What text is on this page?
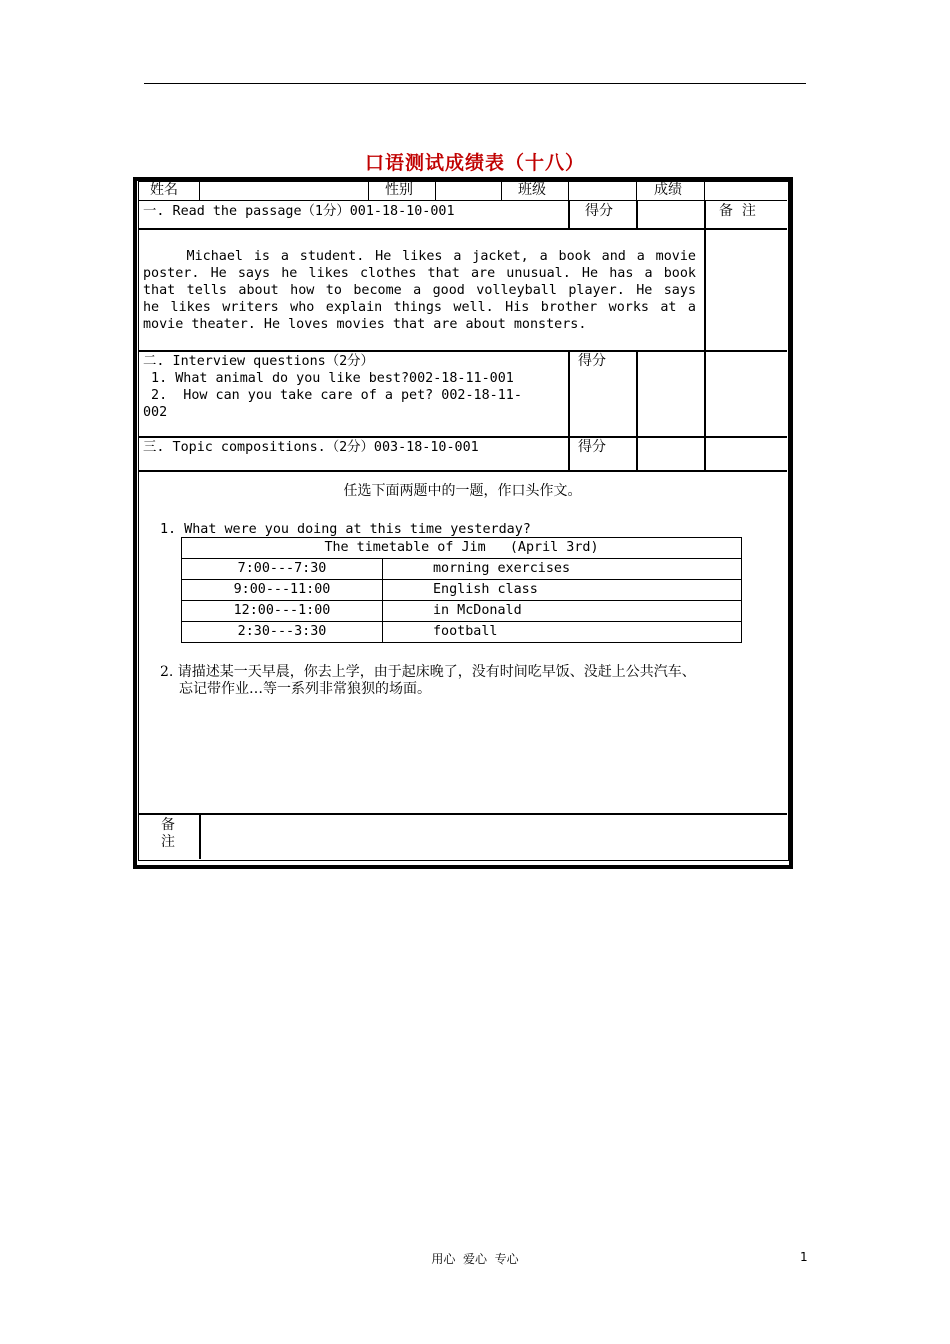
口语测试成绩表（十八）
姓名	性别	班级	成绩
一. Read the passage（1分）001-18-10-001	得分	备  注
Michael is a student. He likes a jacket, a book and a movie
poster. He says he likes clothes that are unusual. He has a book
that tells about how to become a good volleyball player. He says
he likes writers who explain things well. His brother works at a
movie theater. He loves movies that are about monsters.
二. Interview questions（2分）
1. What animal do you like best?002-18-11-001
2.  How can you take care of a pet? 002-18-11-
002
得分
三. Topic compositions.（2分）003-18-10-001	得分
任选下面两题中的一题，作口头作文。
1. What were you doing at this time yesterday?
The timetable of Jim   (April 3rd)	
7:00---7:30	morning exercises
9:00---11:00	English class
12:00---1:00	in McDonald
2:30---3:30	football
2. 请描述某一天早晨，你去上学，由于起床晚了，没有时间吃早饭、没赶上公共汽车、
忘记带作业…等一系列非常狼狈的场面。
备
注
用心  爱心  专心	1
